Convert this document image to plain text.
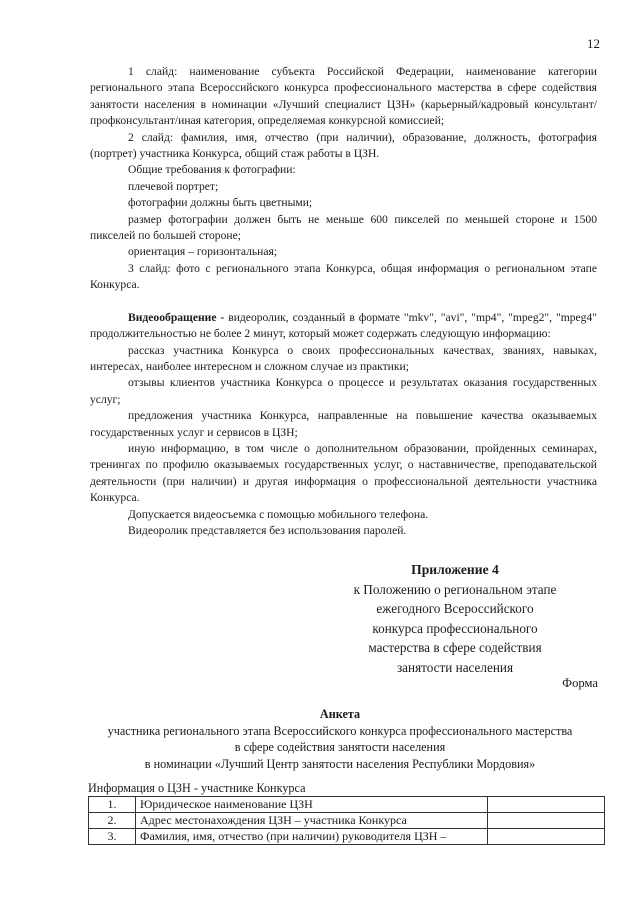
12

1 слайд: наименование субъекта Российской Федерации, наименование категории регионального этапа Всероссийского конкурса профессионального мастерства в сфере содействия занятости населения в номинации «Лучший специалист ЦЗН» (карьерный/кадровый консультант/профконсультант/иная категория, определяемая конкурсной комиссией;

2 слайд: фамилия, имя, отчество (при наличии), образование, должность, фотография (портрет) участника Конкурса, общий стаж работы в ЦЗН.

Общие требования к фотографии:

плечевой портрет;

фотографии должны быть цветными;

размер фотографии должен быть не меньше 600 пикселей по меньшей стороне и 1500 пикселей по большей стороне;

ориентация – горизонтальная;

3 слайд: фото с регионального этапа Конкурса, общая информация о региональном этапе Конкурса.

Видеообращение - видеоролик, созданный в формате "mkv", "avi", "mp4", "mpeg2", "mpeg4" продолжительностью не более 2 минут, который может содержать следующую информацию:

рассказ участника Конкурса о своих профессиональных качествах, званиях, навыках, интересах, наиболее интересном и сложном случае из практики;

отзывы клиентов участника Конкурса о процессе и результатах оказания государственных услуг;

предложения участника Конкурса, направленные на повышение качества оказываемых государственных услуг и сервисов в ЦЗН;

иную информацию, в том числе о дополнительном образовании, пройденных семинарах, тренингах по профилю оказываемых государственных услуг, о наставничестве, преподавательской деятельности (при наличии) и другая информация о профессиональной деятельности участника Конкурса.

Допускается видеосъемка с помощью мобильного телефона.

Видеоролик представляется без использования паролей.

Приложение 4
к Положению о региональном этапе
ежегодного Всероссийского
конкурса профессионального
мастерства в сфере содействия
занятости населения
Форма
Анкета
участника регионального этапа Всероссийского конкурса профессионального мастерства
в сфере содействия занятости населения
в номинации «Лучший Центр занятости населения Республики Мордовия»
Информация о ЦЗН - участнике Конкурса
1.	Юридическое наименование ЦЗН	
2.	Адрес местонахождения ЦЗН – участника Конкурса	
3.	Фамилия, имя, отчество (при наличии) руководителя ЦЗН –	
